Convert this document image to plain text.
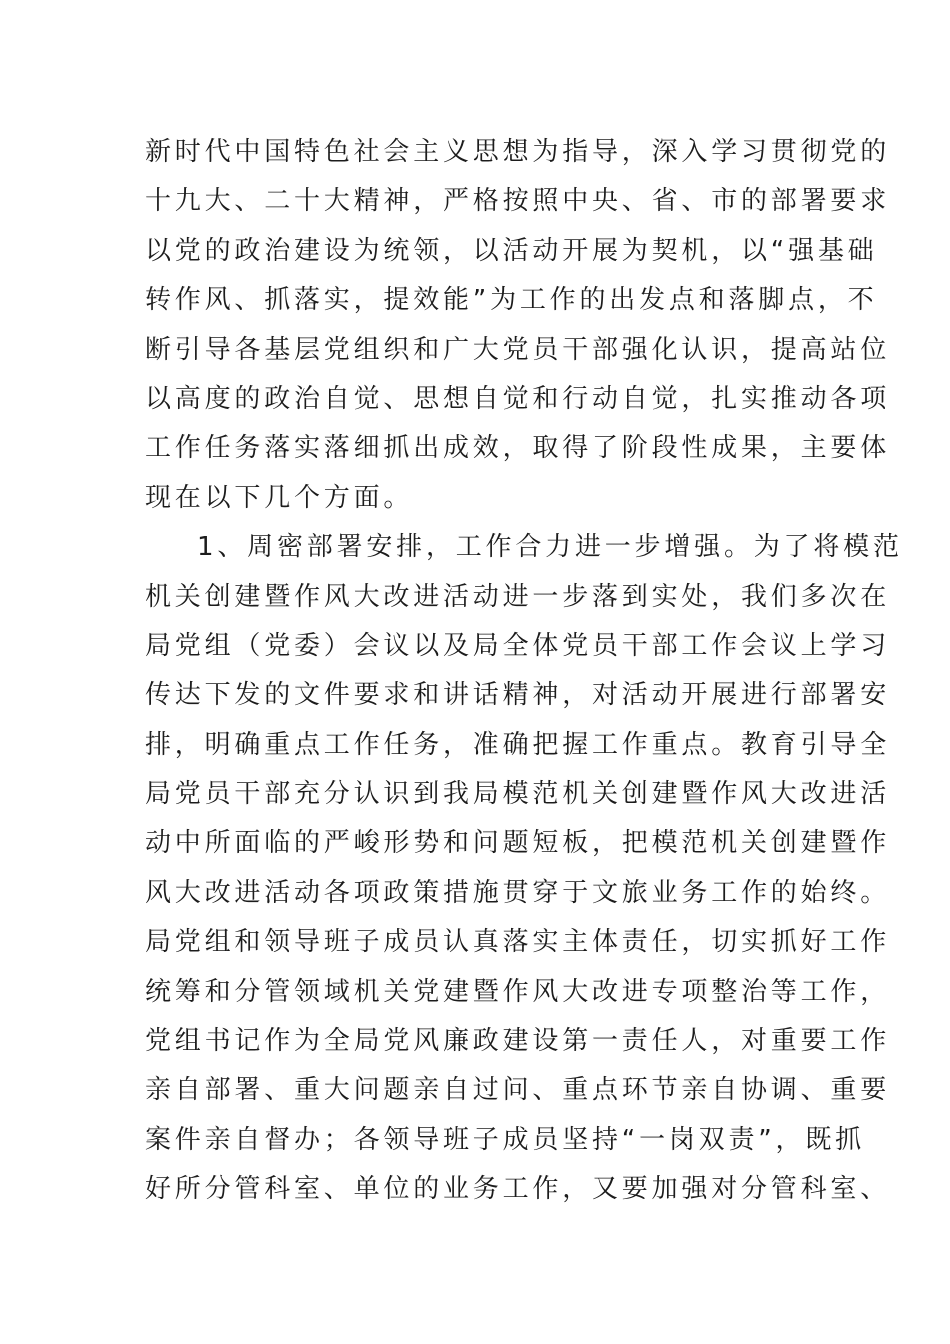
新时代中国特色社会主义思想为指导，深入学习贯彻党的
十九大、二十大精神，严格按照中央、省、市的部署要求
以党的政治建设为统领，以活动开展为契机，以“强基础
转作风、抓落实，提效能”为工作的出发点和落脚点，不
断引导各基层党组织和广大党员干部强化认识，提高站位
以高度的政治自觉、思想自觉和行动自觉，扎实推动各项
工作任务落实落细抓出成效，取得了阶段性成果，主要体
现在以下几个方面。
1、周密部署安排，工作合力进一步增强。为了将模范
机关创建暨作风大改进活动进一步落到实处，我们多次在
局党组（党委）会议以及局全体党员干部工作会议上学习
传达下发的文件要求和讲话精神，对活动开展进行部署安
排，明确重点工作任务，准确把握工作重点。教育引导全
局党员干部充分认识到我局模范机关创建暨作风大改进活
动中所面临的严峻形势和问题短板，把模范机关创建暨作
风大改进活动各项政策措施贯穿于文旅业务工作的始终。
局党组和领导班子成员认真落实主体责任，切实抓好工作
统筹和分管领域机关党建暨作风大改进专项整治等工作，
党组书记作为全局党风廉政建设第一责任人，对重要工作
亲自部署、重大问题亲自过问、重点环节亲自协调、重要
案件亲自督办；各领导班子成员坚持“一岗双责”，既抓
好所分管科室、单位的业务工作，又要加强对分管科室、
